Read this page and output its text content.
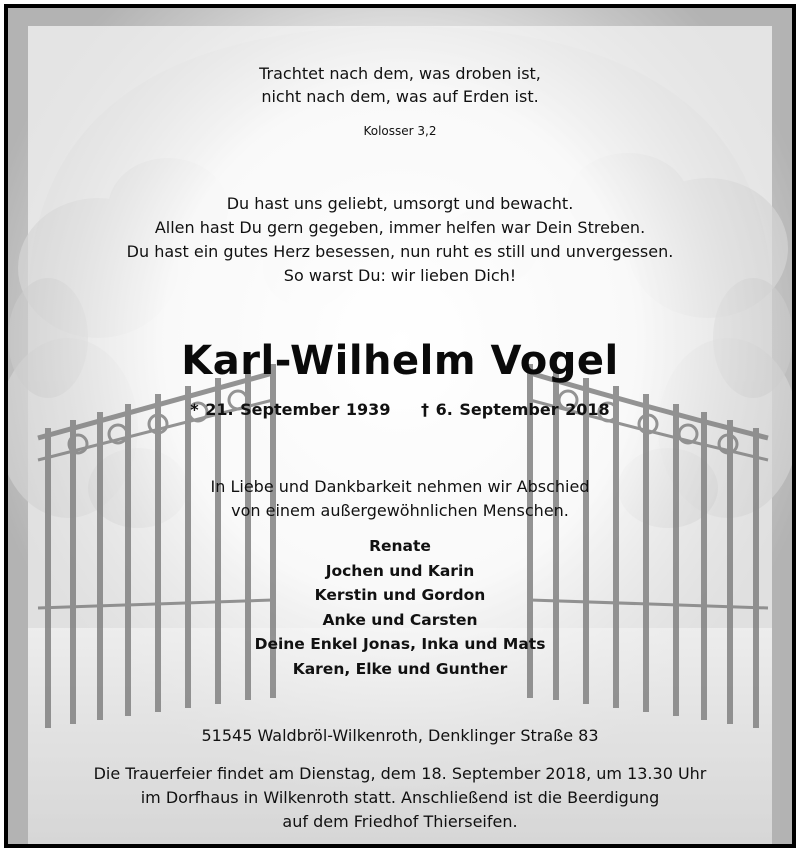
Trachtet nach dem, was droben ist,
nicht nach dem, was auf Erden ist.
Kolosser 3,2
Du hast uns geliebt, umsorgt und bewacht.
Allen hast Du gern gegeben, immer helfen war Dein Streben.
Du hast ein gutes Herz besessen, nun ruht es still und unvergessen.
So warst Du: wir lieben Dich!
Karl-Wilhelm Vogel
* 21. September 1939 † 6. September 2018
In Liebe und Dankbarkeit nehmen wir Abschied
von einem außergewöhnlichen Menschen.
Renate
Jochen und Karin
Kerstin und Gordon
Anke und Carsten
Deine Enkel Jonas, Inka und Mats
Karen, Elke und Gunther
51545 Waldbröl-Wilkenroth, Denklinger Straße 83
Die Trauerfeier findet am Dienstag, dem 18. September 2018, um 13.30 Uhr
im Dorfhaus in Wilkenroth statt. Anschließend ist die Beerdigung
auf dem Friedhof Thierseifen.
